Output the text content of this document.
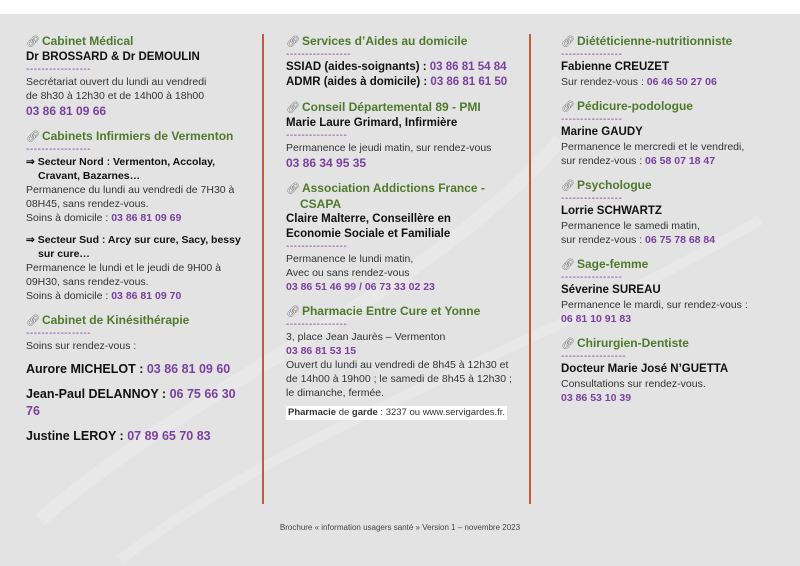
🔗︎ Cabinet Médical
Dr BROSSARD & Dr DEMOULIN
-----------------
Secrétariat ouvert du lundi au vendredi
de 8h30 à 12h30 et de 14h00 à 18h00
03 86 81 09 66
🔗︎ Cabinets Infirmiers de Vermenton
-----------------
⇒ Secteur Nord : Vermenton, Accolay,
Cravant, Bazarnes…
Permanence du lundi au vendredi de 7H30 à
08H45, sans rendez-vous.
Soins à domicile : 03 86 81 09 69
⇒ Secteur Sud : Arcy sur cure, Sacy, bessy
sur cure…
Permanence le lundi et le jeudi de 9H00 à
09H30, sans rendez-vous.
Soins à domicile : 03 86 81 09 70
🔗︎ Cabinet de Kinésithérapie
-----------------
Soins sur rendez-vous :
Aurore MICHELOT : 03 86 81 09 60
Jean-Paul DELANNOY : 06 75 66 30 76
Justine LEROY : 07 89 65 70 83
🔗︎ Services d’Aides au domicile
-----------------
SSIAD (aides-soignants) : 03 86 81 54 84
ADMR (aides à domicile) : 03 86 81 61 50
🔗︎ Conseil Départemental 89 - PMI
Marie Laure Grimard, Infirmière
----------------
Permanence le jeudi matin, sur rendez-vous
03 86 34 95 35
🔗︎ Association Addictions France -
CSAPA
Claire Malterre, Conseillère en
Economie Sociale et Familiale
----------------
Permanence le lundi matin,
Avec ou sans rendez-vous
03 86 51 46 99 / 06 73 33 02 23
🔗︎ Pharmacie Entre Cure et Yonne
----------------
3, place Jean Jaurès – Vermenton
03 86 81 53 15
Ouvert du lundi au vendredi de 8h45 à 12h30 et
de 14h00 à 19h00 ; le samedi de 8h45 à 12h30 ;
le dimanche, fermée.
Pharmacie de garde : 3237 ou www.servigardes.fr.
🔗︎ Diététicienne-nutritionniste
----------------
Fabienne CREUZET
Sur rendez-vous : 06 46 50 27 06
🔗︎ Pédicure-podologue
----------------
Marine GAUDY
Permanence le mercredi et le vendredi,
sur rendez-vous : 06 58 07 18 47
🔗︎ Psychologue
----------------
Lorrie SCHWARTZ
Permanence le samedi matin,
sur rendez-vous : 06 75 78 68 84
🔗︎ Sage-femme
----------------
Séverine SUREAU
Permanence le mardi, sur rendez-vous :
06 81 10 91 83
🔗︎ Chirurgien-Dentiste
-----------------
Docteur Marie José N’GUETTA
Consultations sur rendez-vous.
03 86 53 10 39
Brochure « information usagers santé » Version 1 – novembre 2023
